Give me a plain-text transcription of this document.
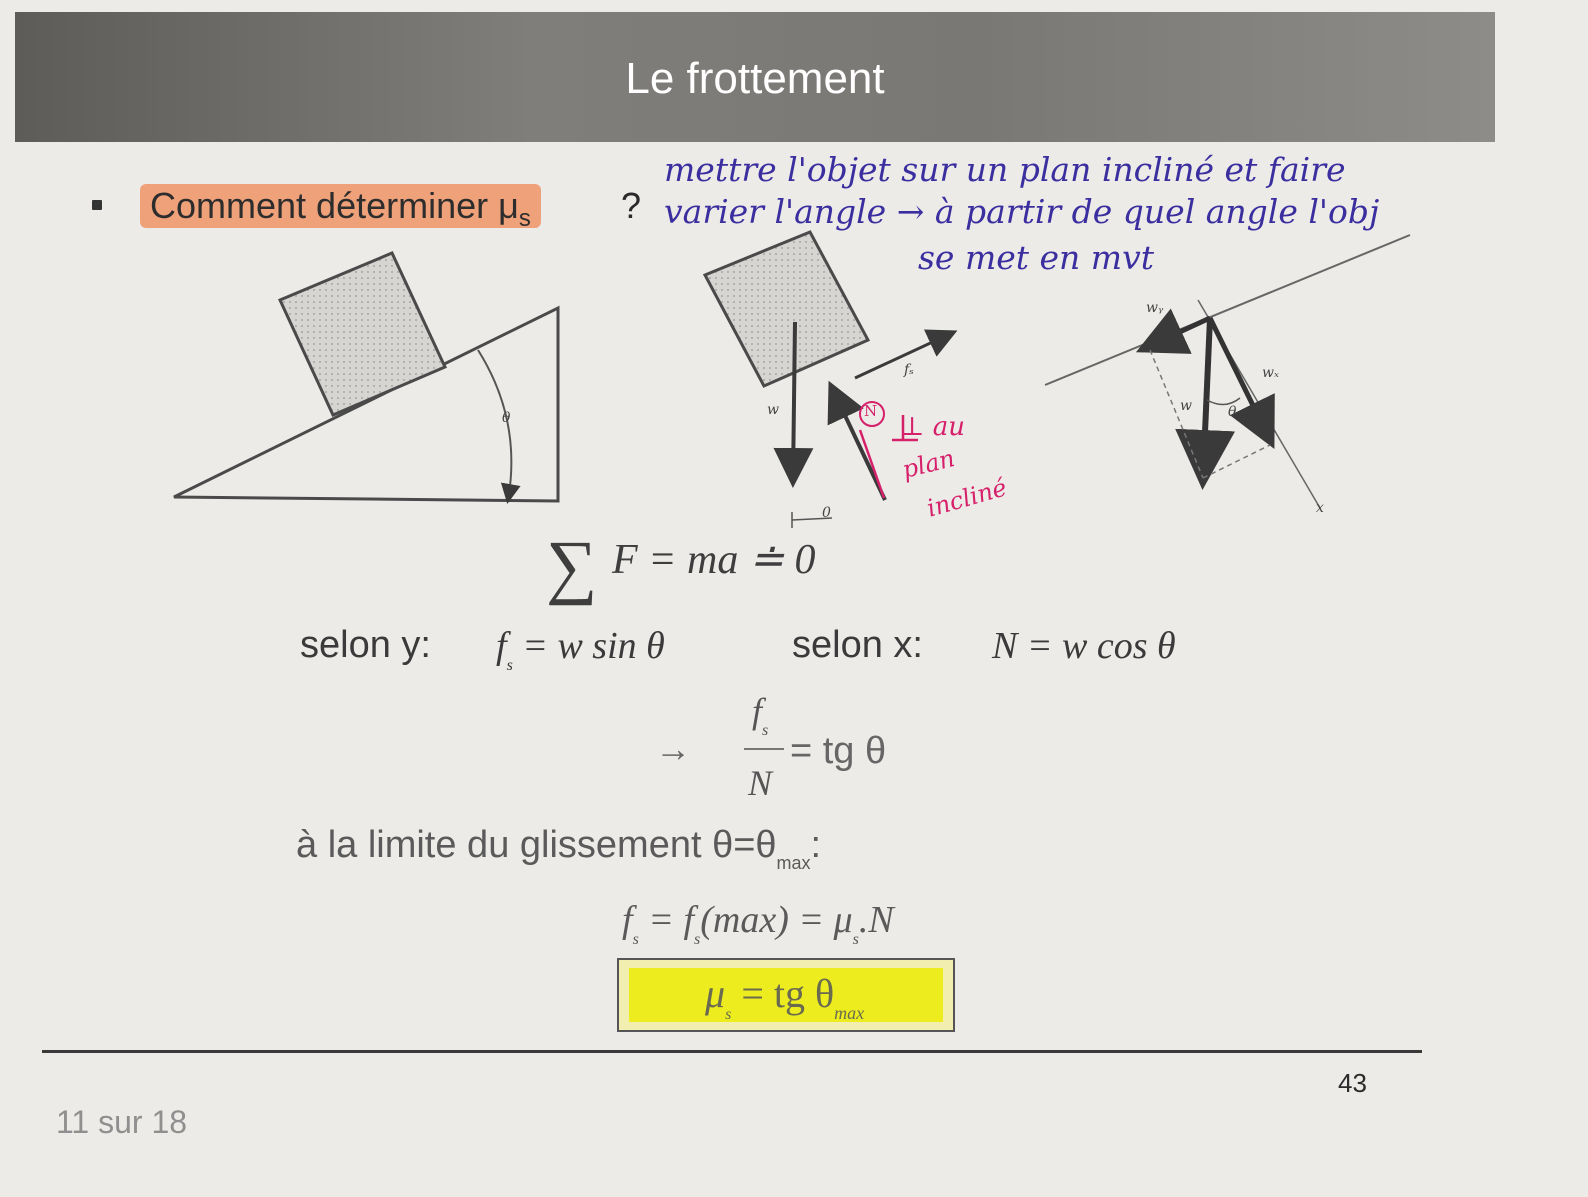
Le frottement
Comment déterminer $\mu_s$	?
mettre l'objet sur un plan incliné et faire
varier l'angle → à partir de quel angle l'obj
se met en mvt
θ	w
fₛ
0
wᵧ
wₓ
w	θ
x
N
⊥ au
plan
incliné
∑ F = ma ≐ 0
selon y: $f_s = w$ sin θ	selon x: N = w cos θ
→
$f_s$
N
= tg θ
à la limite du glissement $\theta=\theta_{max}$:
$f_s = f_s(\max) = \mu_s.N$
$\mu_s$ = tg $\theta_{max}$
43
11 sur 18
